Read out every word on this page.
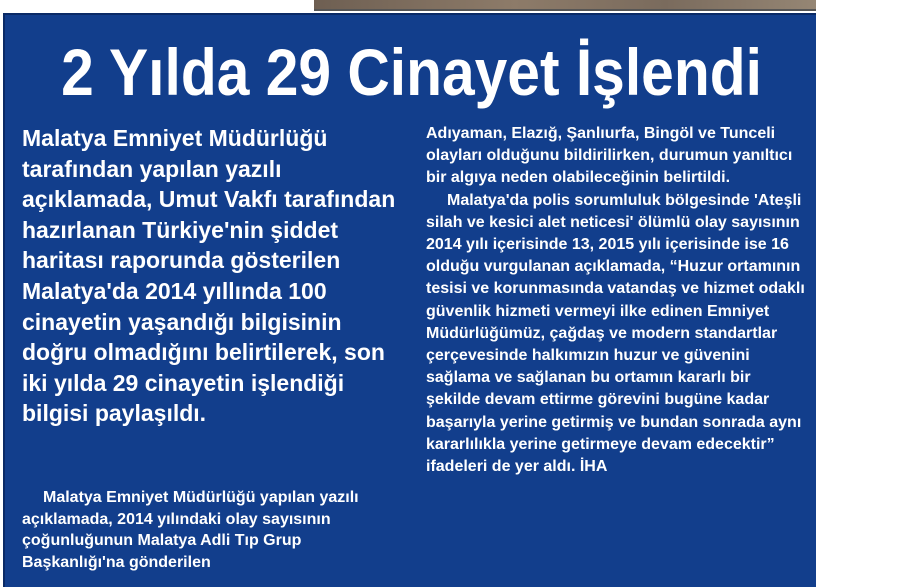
2 Yılda 29 Cinayet İşlendi

Malatya Emniyet Müdürlüğü tarafından yapılan yazılı açıklamada, Umut Vakfı tarafından hazırlanan Türkiye'nin şiddet haritası raporunda gösterilen Malatya'da 2014 yıllında 100 cinayetin yaşandığı bilgisinin doğru olmadığını belirtilerek, son iki yılda 29 cinayetin işlendiği bilgisi paylaşıldı.

Malatya Emniyet Müdürlüğü yapılan yazılı açıklamada, 2014 yılındaki olay sayısının çoğunluğunun Malatya Adli Tıp Grup Başkanlığı'na gönderilen

Adıyaman, Elazığ, Şanlıurfa, Bingöl ve Tunceli olayları olduğunu bildirilirken, durumun yanıltıcı bir algıya neden olabileceğinin belirtildi.

Malatya'da polis sorumluluk bölgesinde 'Ateşli silah ve kesici alet neticesi' ölümlü olay sayısının 2014 yılı içerisinde 13, 2015 yılı içerisinde ise 16 olduğu vurgulanan açıklamada, “Huzur ortamının tesisi ve korunmasında vatandaş ve hizmet odaklı güvenlik hizmeti vermeyi ilke edinen Emniyet Müdürlüğümüz, çağdaş ve modern standartlar çerçevesinde halkımızın huzur ve güvenini sağlama ve sağlanan bu ortamın kararlı bir şekilde devam ettirme görevini bugüne kadar başarıyla yerine getirmiş ve bundan sonrada aynı kararlılıkla yerine getirmeye devam edecektir” ifadeleri de yer aldı. İHA
